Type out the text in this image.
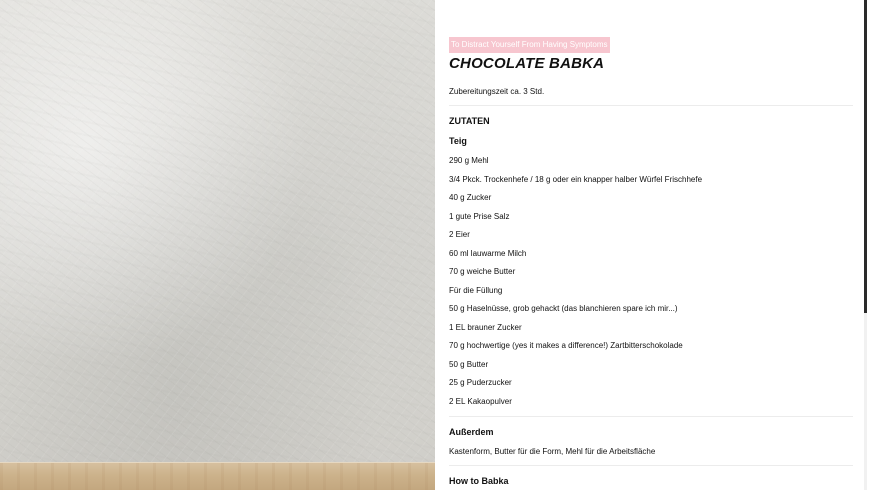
To Distract Yourself From Having Symptoms
CHOCOLATE BABKA
Zubereitungszeit ca. 3 Std.
ZUTATEN
Teig
290 g Mehl
3/4 Pkck. Trockenhefe / 18 g oder ein knapper halber Würfel Frischhefe
40 g Zucker
1 gute Prise Salz
2 Eier
60 ml lauwarme Milch
70 g weiche Butter
Für die Füllung
50 g Haselnüsse, grob gehackt (das blanchieren spare ich mir...)
1 EL brauner Zucker
70 g hochwertige (yes it makes a difference!) Zartbitterschokolade
50 g Butter
25 g Puderzucker
2 EL Kakaopulver
Außerdem
Kastenform, Butter für die Form, Mehl für die Arbeitsfläche
How to Babka
